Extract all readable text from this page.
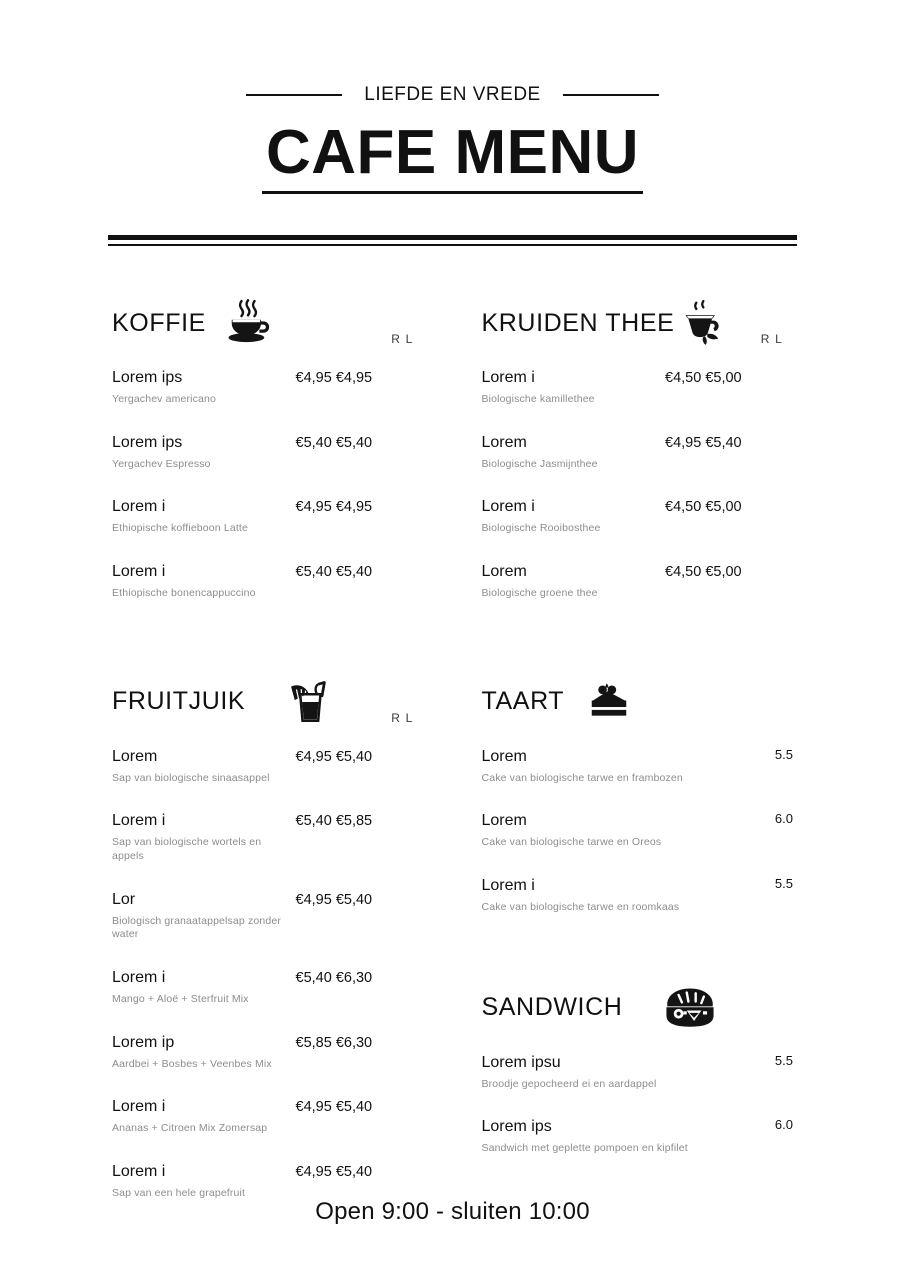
LIEFDE EN VREDE
CAFE MENU
KOFFIE
R L
Lorem ips
Yergachev americano
€4,95 €4,95
Lorem ips
Yergachev Espresso
€5,40 €5,40
Lorem i
Ethiopische koffieboon Latte
€4,95 €4,95
Lorem i
Ethiopische bonencappuccino
€5,40 €5,40
FRUITJUIK
R L
Lorem
Sap van biologische sinaasappel
€4,95 €5,40
Lorem i
Sap van biologische wortels en appels
€5,40 €5,85
Lor
Biologisch granaatappelsap zonder water
€4,95 €5,40
Lorem i
Mango + Aloë + Sterfruit Mix
€5,40 €6,30
Lorem ip
Aardbei + Bosbes + Veenbes Mix
€5,85 €6,30
Lorem i
Ananas + Citroen Mix Zomersap
€4,95 €5,40
Lorem i
Sap van een hele grapefruit
€4,95 €5,40
KRUIDEN THEE
R L
Lorem i
Biologische kamillethee
€4,50 €5,00
Lorem
Biologische Jasmijnthee
€4,95 €5,40
Lorem i
Biologische Rooibosthee
€4,50 €5,00
Lorem
Biologische groene thee
€4,50 €5,00
TAART
Lorem
Cake van biologische tarwe en frambozen
5.5
Lorem
Cake van biologische tarwe en Oreos
6.0
Lorem i
Cake van biologische tarwe en roomkaas
5.5
SANDWICH
Lorem ipsu
Broodje gepocheerd ei en aardappel
5.5
Lorem ips
Sandwich met geplette pompoen en kipfilet
6.0
Open 9:00 - sluiten 10:00
